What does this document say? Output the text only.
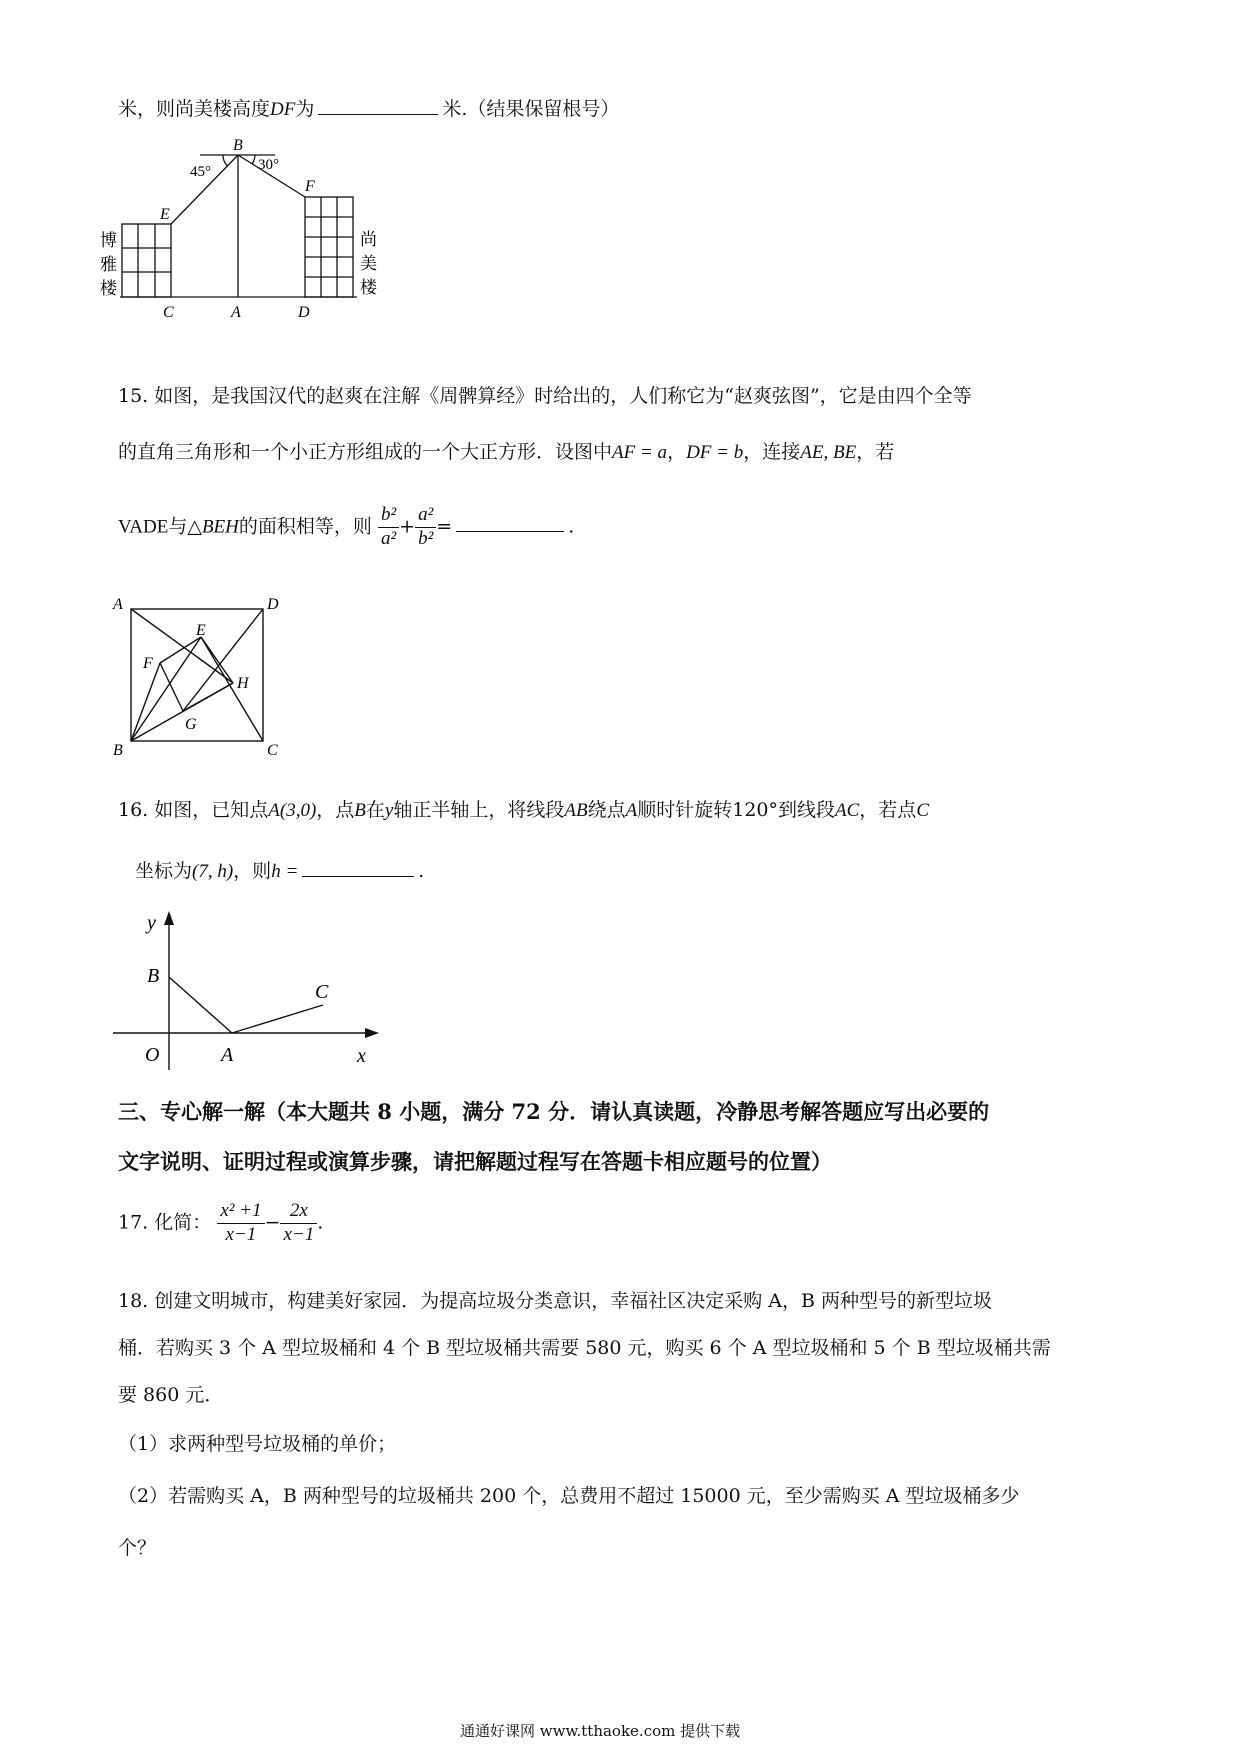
米，则尚美楼高度DF为	米.（结果保留根号）
B
45°	30°
E
F
C	A	D
博
雅
楼
尚
美
楼
15. 如图，是我国汉代的赵爽在注解《周髀算经》时给出的，人们称它为“赵爽弦图”，它是由四个全等
的直角三角形和一个小正方形组成的一个大正方形．设图中AF = a，DF = b，连接AE, BE，若
VADE与△BEH的面积相等，则 $\frac{\text{b²}}{\text{a²}} + \frac{\text{a²}}{\text{b²}}$ =	.
A	D
E
F
H
G
B	C
16. 如图，已知点A(3,0)，点B在y轴正半轴上，将线段AB绕点A顺时针旋转120°到线段AC，若点C
坐标为(7, h)，则h =	.
y
x
O	A
B
C
三、专心解一解（本大题共 8 小题，满分 72 分．请认真读题，冷静思考解答题应写出必要的
文字说明、证明过程或演算步骤，请把解题过程写在答题卡相应题号的位置）
17. 化简： $\frac{\text{x² +1}}{x-1} - \frac{2x}{x-1}$ .
18. 创建文明城市，构建美好家园．为提高垃圾分类意识，幸福社区决定采购 A，B 两种型号的新型垃圾
桶．若购买 3 个 A 型垃圾桶和 4 个 B 型垃圾桶共需要 580 元，购买 6 个 A 型垃圾桶和 5 个 B 型垃圾桶共需
要 860 元．
（1）求两种型号垃圾桶的单价；
（2）若需购买 A，B 两种型号的垃圾桶共 200 个，总费用不超过 15000 元，至少需购买 A 型垃圾桶多少
个？
通通好课网 www.tthaoke.com 提供下载
